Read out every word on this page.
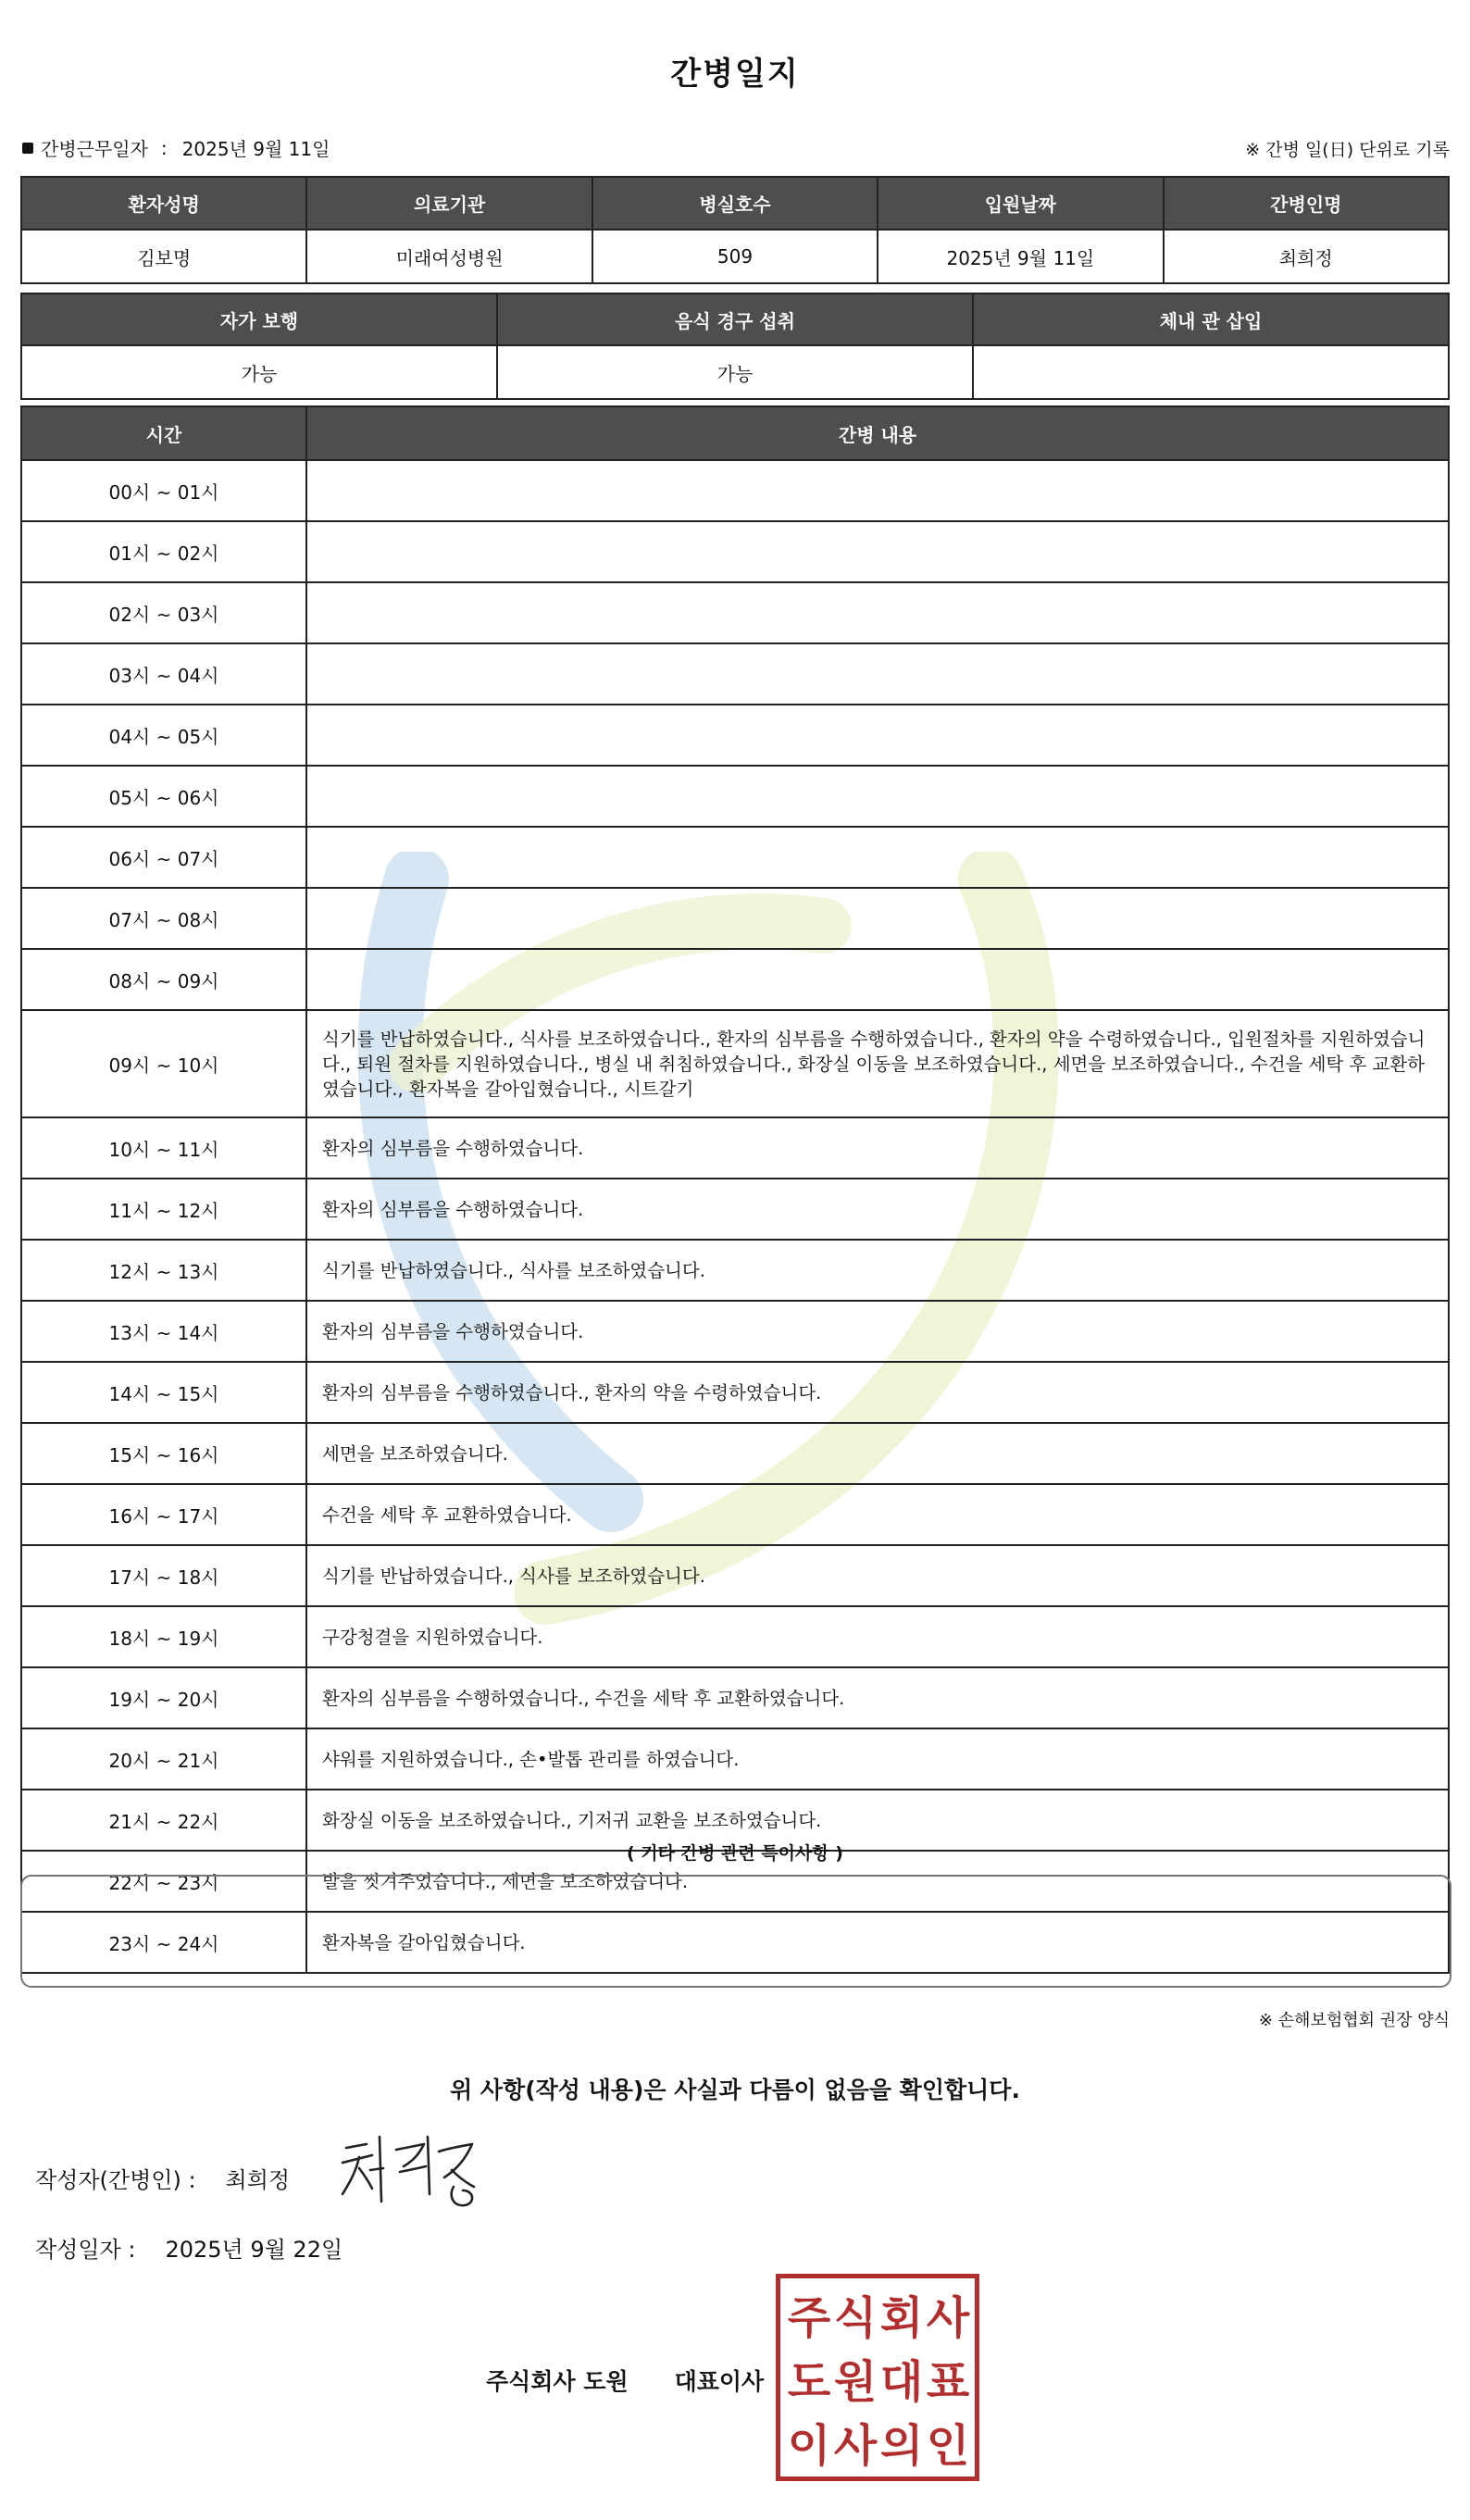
간병일지
간병근무일자 : 2025년 9월 11일	※ 간병 일(日) 단위로 기록
환자성명	의료기관	병실호수	입원날짜	간병인명
김보명	미래여성병원	509	2025년 9월 11일	최희정
자가 보행	음식 경구 섭취	체내 관 삽입
가능	가능	
시간	간병 내용
00시 ~ 01시	
01시 ~ 02시	
02시 ~ 03시	
03시 ~ 04시	
04시 ~ 05시	
05시 ~ 06시	
06시 ~ 07시	
07시 ~ 08시	
08시 ~ 09시	
09시 ~ 10시	식기를 반납하였습니다., 식사를 보조하였습니다., 환자의 심부름을 수행하였습니다., 환자의 약을 수령하였습니다., 입원절차를 지원하였습니다., 퇴원 절차를 지원하였습니다., 병실 내 취침하였습니다., 화장실 이동을 보조하였습니다., 세면을 보조하였습니다., 수건을 세탁 후 교환하였습니다., 환자복을 갈아입혔습니다., 시트갈기
10시 ~ 11시	환자의 심부름을 수행하였습니다.
11시 ~ 12시	환자의 심부름을 수행하였습니다.
12시 ~ 13시	식기를 반납하였습니다., 식사를 보조하였습니다.
13시 ~ 14시	환자의 심부름을 수행하였습니다.
14시 ~ 15시	환자의 심부름을 수행하였습니다., 환자의 약을 수령하였습니다.
15시 ~ 16시	세면을 보조하였습니다.
16시 ~ 17시	수건을 세탁 후 교환하였습니다.
17시 ~ 18시	식기를 반납하였습니다., 식사를 보조하였습니다.
18시 ~ 19시	구강청결을 지원하였습니다.
19시 ~ 20시	환자의 심부름을 수행하였습니다., 수건을 세탁 후 교환하였습니다.
20시 ~ 21시	샤워를 지원하였습니다., 손•발톱 관리를 하였습니다.
21시 ~ 22시	화장실 이동을 보조하였습니다., 기저귀 교환을 보조하였습니다.
22시 ~ 23시	발을 씻겨주었습니다., 세면을 보조하였습니다.
23시 ~ 24시	환자복을 갈아입혔습니다.
( 기타 간병 관련 특이사항 )
※ 손해보험협회 권장 양식
위 사항(작성 내용)은 사실과 다름이 없음을 확인합니다.
작성자(간병인) : 최희정
작성일자 : 2025년 9월 22일
주식회사 도원 대표이사
주 식 회 사
도 원 대 표
이 사 의 인
